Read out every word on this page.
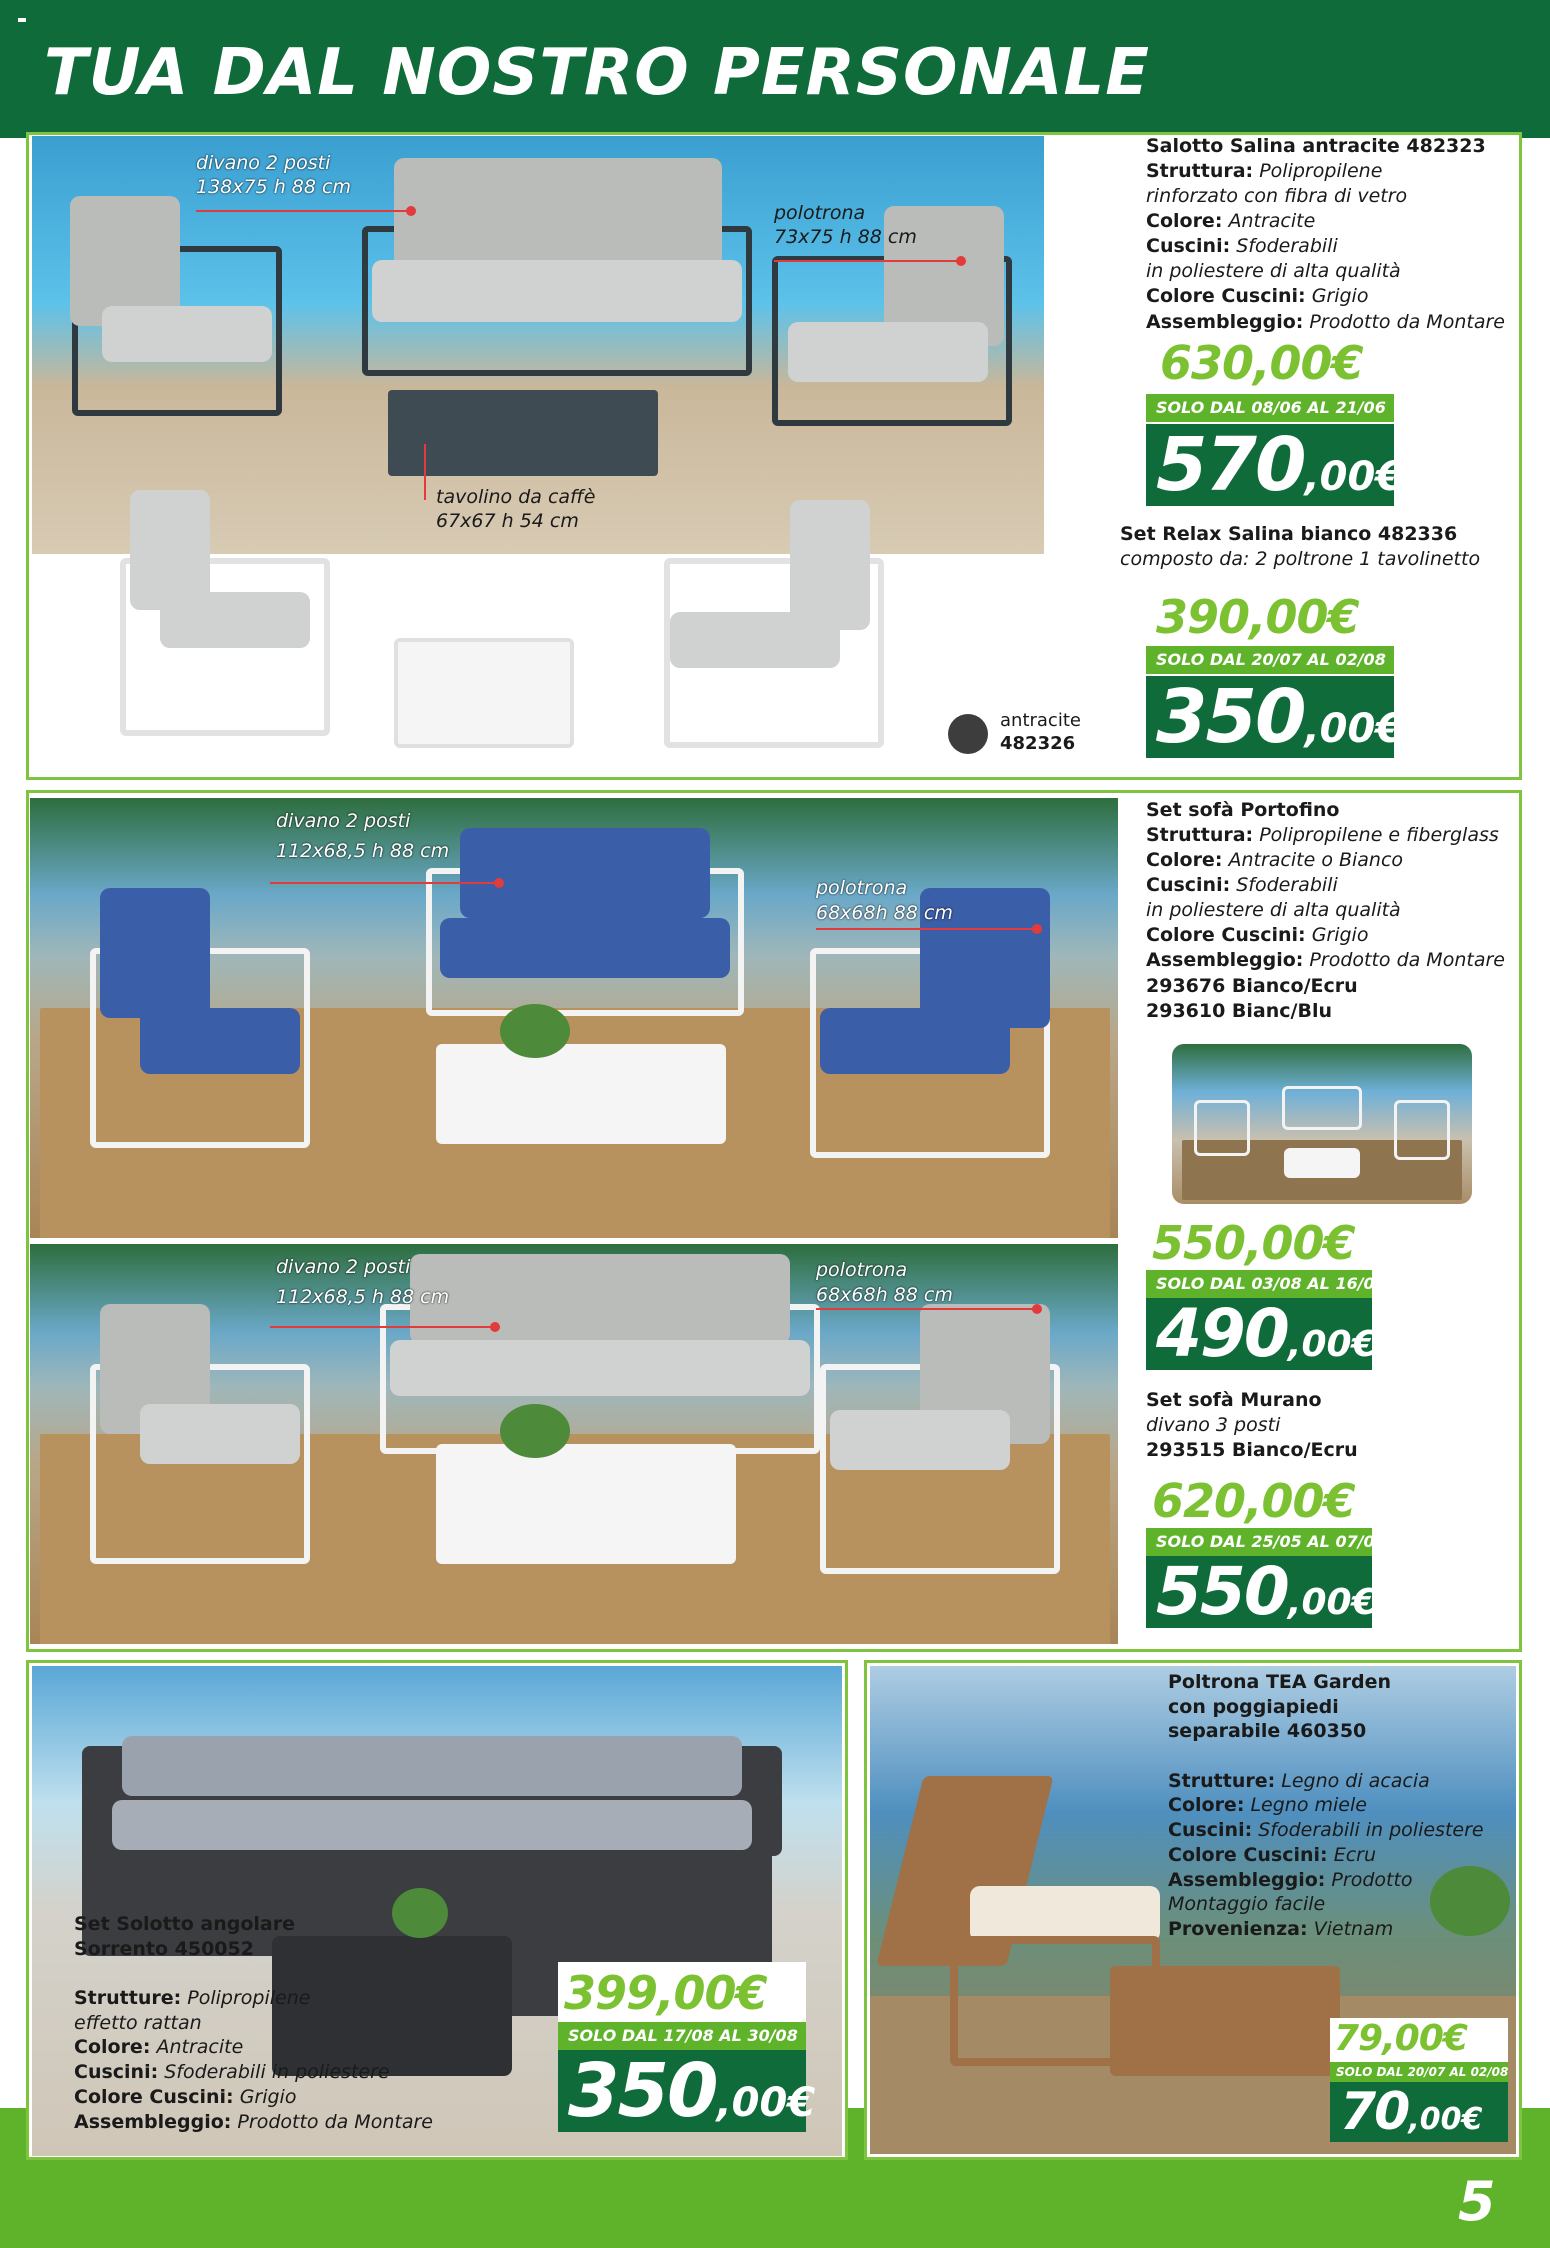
TUA DAL NOSTRO PERSONALE
divano 2 posti
138x75 h 88 cm
polotrona
73x75 h 88 cm
tavolino da caffè
67x67 h 54 cm
antracite
482326
Salotto Salina antracite 482323
Struttura: Polipropilene
rinforzato con fibra di vetro
Colore: Antracite
Cuscini: Sfoderabili
in poliestere di alta qualità
Colore Cuscini: Grigio
Assembleggio: Prodotto da Montare
630,00€
SOLO DAL 08/06 AL 21/06
570,00€
Set Relax Salina bianco 482336
composto da: 2 poltrone 1 tavolinetto
390,00€
SOLO DAL 20/07 AL 02/08
350,00€
divano 2 posti
112x68,5 h 88 cm
polotrona
68x68h 88 cm
divano 2 posti
112x68,5 h 88 cm
polotrona
68x68h 88 cm
Set sofà Portofino
Struttura: Polipropilene e fiberglass
Colore: Antracite o Bianco
Cuscini: Sfoderabili
in poliestere di alta qualità
Colore Cuscini: Grigio
Assembleggio: Prodotto da Montare
293676 Bianco/Ecru
293610 Bianc/Blu
550,00€
SOLO DAL 03/08 AL 16/08
490,00€
Set sofà Murano
divano 3 posti
293515 Bianco/Ecru
620,00€
SOLO DAL 25/05 AL 07/06
550,00€
Set Solotto angolare
Sorrento 450052

Strutture: Polipropilene
effetto rattan
Colore: Antracite
Cuscini: Sfoderabili in poliestere
Colore Cuscini: Grigio
Assembleggio: Prodotto da Montare
399,00€
SOLO DAL 17/08 AL 30/08
350,00€
Poltrona TEA Garden
con poggiapiedi
separabile 460350

Strutture: Legno di acacia
Colore: Legno miele
Cuscini: Sfoderabili in poliestere
Colore Cuscini: Ecru
Assembleggio: Prodotto
Montaggio facile
Provenienza: Vietnam
79,00€
SOLO DAL 20/07 AL 02/08
70,00€
5
